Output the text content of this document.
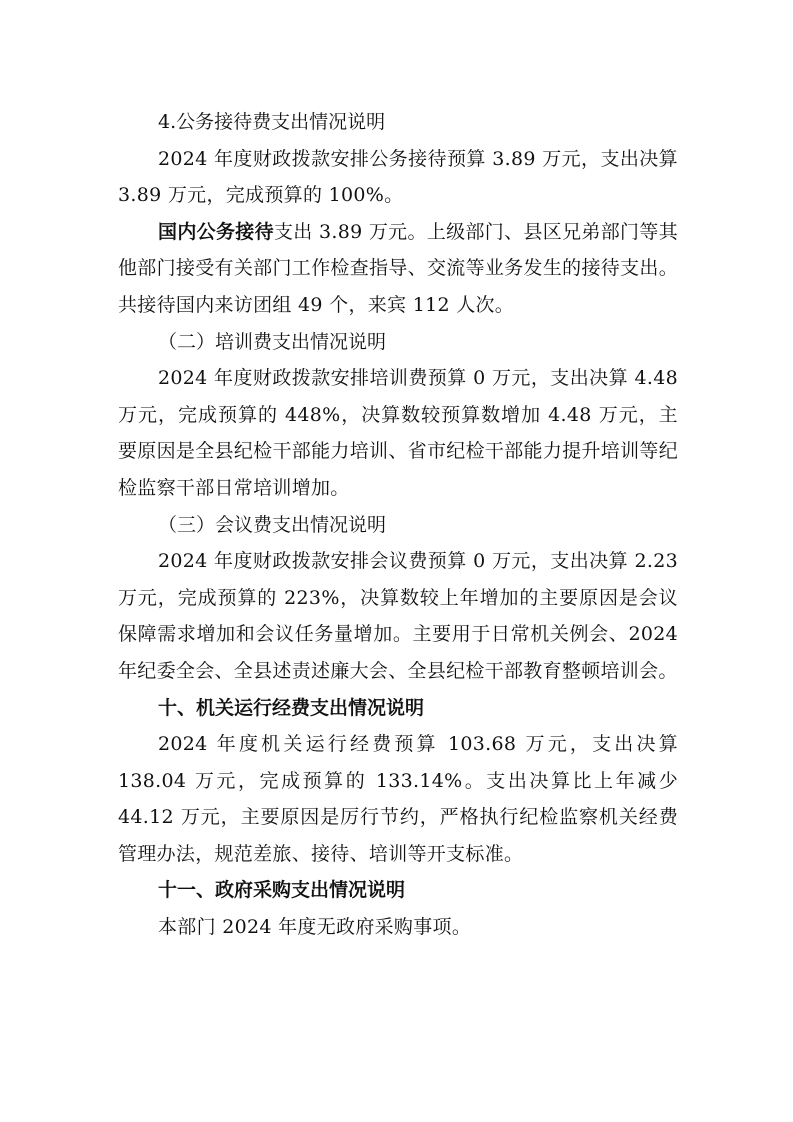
4.公务接待费支出情况说明

2024 年度财政拨款安排公务接待预算 3.89 万元，支出决算 3.89 万元，完成预算的 100%。

国内公务接待支出 3.89 万元。上级部门、县区兄弟部门等其他部门接受有关部门工作检查指导、交流等业务发生的接待支出。共接待国内来访团组 49 个，来宾 112 人次。

（二）培训费支出情况说明

2024 年度财政拨款安排培训费预算 0 万元，支出决算 4.48 万元，完成预算的 448%，决算数较预算数增加 4.48 万元，主要原因是全县纪检干部能力培训、省市纪检干部能力提升培训等纪检监察干部日常培训增加。

（三）会议费支出情况说明

2024 年度财政拨款安排会议费预算 0 万元，支出决算 2.23 万元，完成预算的 223%，决算数较上年增加的主要原因是会议保障需求增加和会议任务量增加。主要用于日常机关例会、2024 年纪委全会、全县述责述廉大会、全县纪检干部教育整顿培训会。

十、机关运行经费支出情况说明

2024 年度机关运行经费预算 103.68 万元，支出决算 138.04 万元，完成预算的 133.14%。支出决算比上年减少 44.12 万元，主要原因是厉行节约，严格执行纪检监察机关经费管理办法，规范差旅、接待、培训等开支标准。

十一、政府采购支出情况说明

本部门 2024 年度无政府采购事项。
